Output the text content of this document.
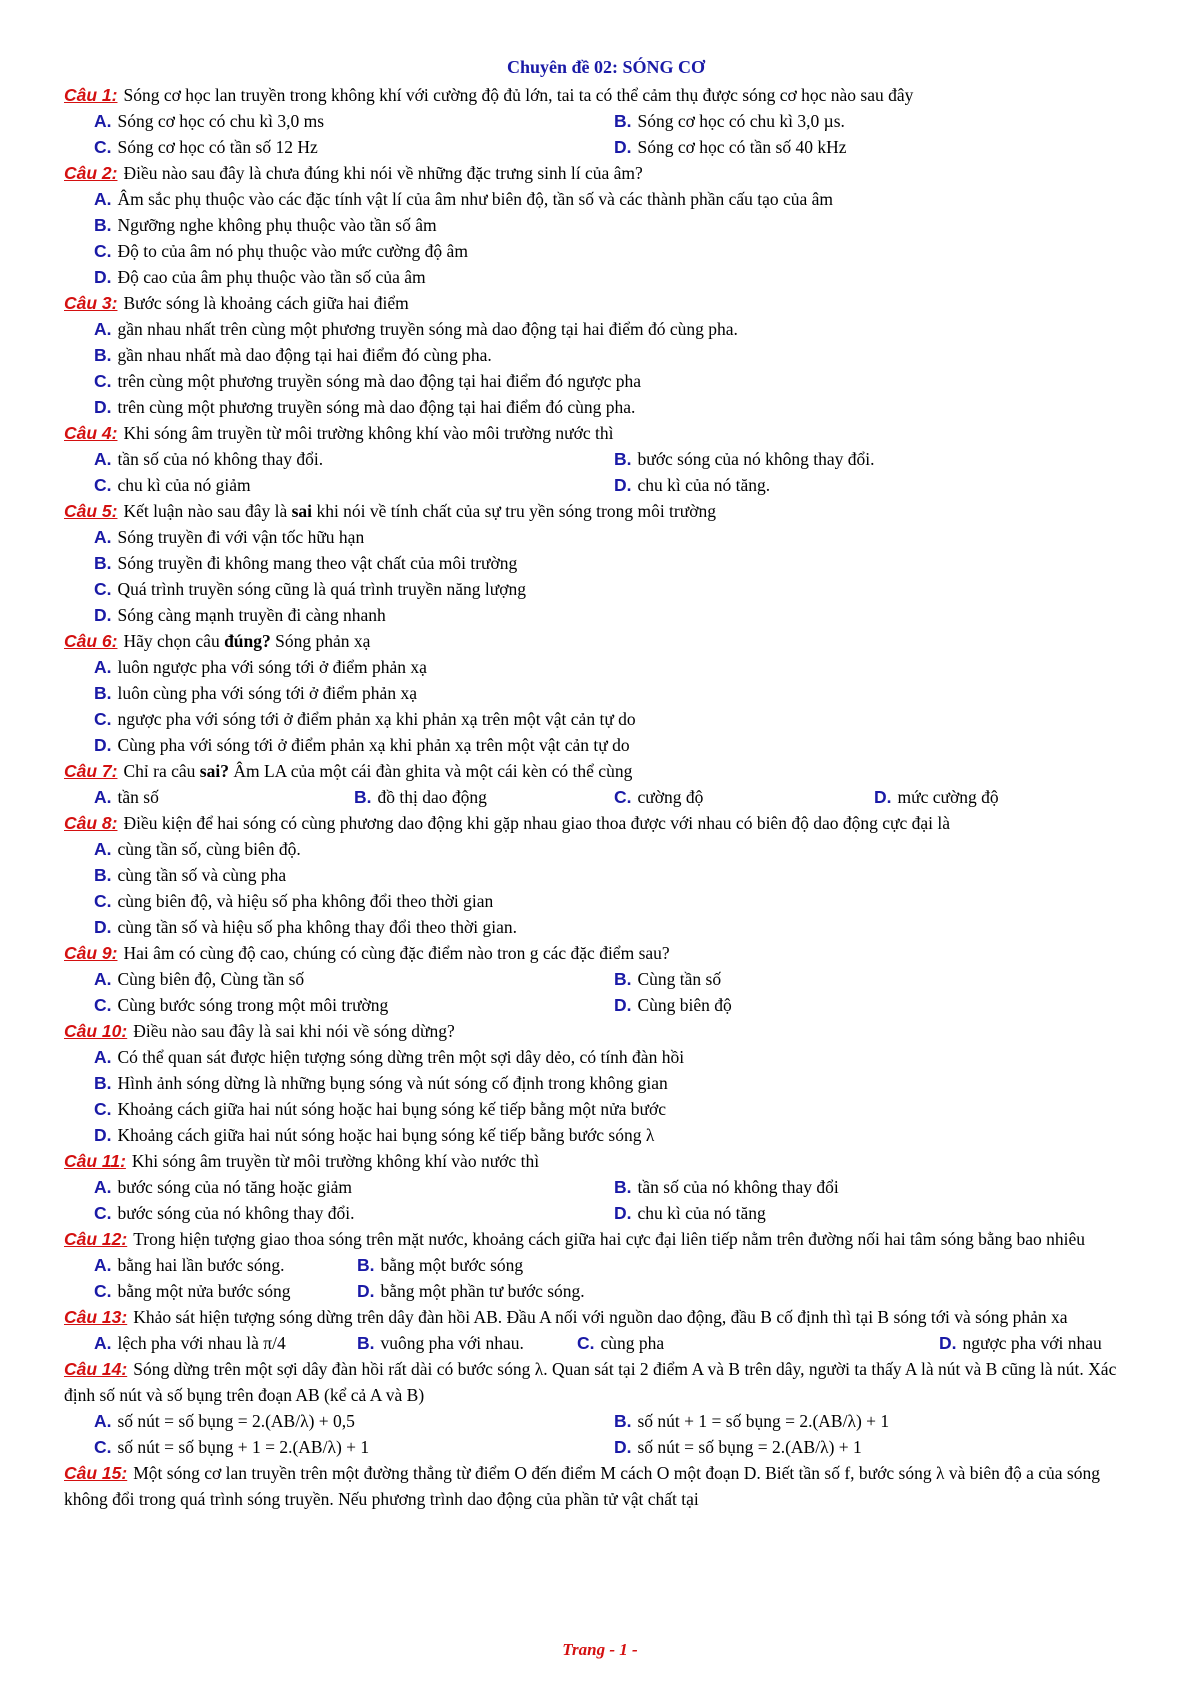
Chuyên đề 02: SÓNG CƠ
Câu 1: Sóng cơ học lan truyền trong không khí với cường độ đủ lớn, tai ta có thể cảm thụ được sóng cơ học nào sau đây
A. Sóng cơ học có chu kì 3,0 ms	B. Sóng cơ học có chu kì 3,0 µs.
C. Sóng cơ học có tần số 12 Hz	D. Sóng cơ học có tần số 40 kHz
Câu 2: Điều nào sau đây là chưa đúng khi nói về những đặc trưng sinh lí của âm?
A. Âm sắc phụ thuộc vào các đặc tính vật lí của âm như biên độ, tần số và các thành phần cấu tạo của âm
B. Ngưỡng nghe không phụ thuộc vào tần số âm
C. Độ to của âm nó phụ thuộc vào mức cường độ âm
D. Độ cao của âm phụ thuộc vào tần số của âm
Câu 3: Bước sóng là khoảng cách giữa hai điểm
A. gần nhau nhất trên cùng một phương truyền sóng mà dao động tại hai điểm đó cùng pha.
B. gần nhau nhất mà dao động tại hai điểm đó cùng pha.
C. trên cùng một phương truyền sóng mà dao động tại hai điểm đó ngược pha
D. trên cùng một phương truyền sóng mà dao động tại hai điểm đó cùng pha.
Câu 4: Khi sóng âm truyền từ môi trường không khí vào môi trường nước thì
A. tần số của nó không thay đổi.	B. bước sóng của nó không thay đổi.
C. chu kì của nó giảm	D. chu kì của nó tăng.
Câu 5: Kết luận nào sau đây là sai khi nói về tính chất của sự tru yền sóng trong môi trường
A. Sóng truyền đi với vận tốc hữu hạn
B. Sóng truyền đi không mang theo vật chất của môi trường
C. Quá trình truyền sóng cũng là quá trình truyền năng lượng
D. Sóng càng mạnh truyền đi càng nhanh
Câu 6: Hãy chọn câu đúng? Sóng phản xạ
A. luôn ngược pha với sóng tới ở điểm phản xạ
B. luôn cùng pha với sóng tới ở điểm phản xạ
C. ngược pha với sóng tới ở điểm phản xạ khi phản xạ trên một vật cản tự do
D. Cùng pha với sóng tới ở điểm phản xạ khi phản xạ trên một vật cản tự do
Câu 7: Chỉ ra câu sai? Âm LA của một cái đàn ghita và một cái kèn có thể cùng
A. tần số	B. đồ thị dao động	C. cường độ	D. mức cường độ
Câu 8: Điều kiện để hai sóng có cùng phương dao động khi gặp nhau giao thoa được với nhau có biên độ dao động cực đại là
A. cùng tần số, cùng biên độ.
B. cùng tần số và cùng pha
C. cùng biên độ, và hiệu số pha không đổi theo thời gian
D. cùng tần số và hiệu số pha không thay đổi theo thời gian.
Câu 9: Hai âm có cùng độ cao, chúng có cùng đặc điểm nào tron g các đặc điểm sau?
A. Cùng biên độ, Cùng tần số	B. Cùng tần số
C. Cùng bước sóng trong một môi trường	D. Cùng biên độ
Câu 10: Điều nào sau đây là sai khi nói về sóng dừng?
A. Có thể quan sát được hiện tượng sóng dừng trên một sợi dây dẻo, có tính đàn hồi
B. Hình ảnh sóng dừng là những bụng sóng và nút sóng cố định trong không gian
C. Khoảng cách giữa hai nút sóng hoặc hai bụng sóng kế tiếp bằng một nửa bước
D. Khoảng cách giữa hai nút sóng hoặc hai bụng sóng kế tiếp bằng bước sóng λ
Câu 11: Khi sóng âm truyền từ môi trường không khí vào nước thì
A. bước sóng của nó tăng hoặc giảm	B. tần số của nó không thay đổi
C. bước sóng của nó không thay đổi.	D. chu kì của nó tăng
Câu 12: Trong hiện tượng giao thoa sóng trên mặt nước, khoảng cách giữa hai cực đại liên tiếp nằm trên đường nối hai tâm sóng bằng bao nhiêu
A. bằng hai lần bước sóng.	B. bằng một bước sóng
C. bằng một nửa bước sóng	D. bằng một phần tư bước sóng.
Câu 13: Khảo sát hiện tượng sóng dừng trên dây đàn hồi AB. Đầu A nối với nguồn dao động, đầu B cố định thì tại B sóng tới và sóng phản xa
A. lệch pha với nhau là π/4	B. vuông pha với nhau.	C. cùng pha	D. ngược pha với nhau
Câu 14: Sóng dừng trên một sợi dây đàn hồi rất dài có bước sóng λ. Quan sát tại 2 điểm A và B trên dây, người ta thấy A là nút và B cũng là nút. Xác định số nút và số bụng trên đoạn AB (kể cả A và B)
A. số nút = số bụng = 2.(AB/λ) + 0,5	B. số nút + 1 = số bụng = 2.(AB/λ) + 1
C. số nút = số bụng + 1 = 2.(AB/λ) + 1	D. số nút = số bụng = 2.(AB/λ) + 1
Câu 15: Một sóng cơ lan truyền trên một đường thẳng từ điểm O đến điểm M cách O một đoạn D. Biết tần số f, bước sóng λ và biên độ a của sóng không đổi trong quá trình sóng truyền. Nếu phương trình dao động của phần tử vật chất tại
Trang - 1 -
